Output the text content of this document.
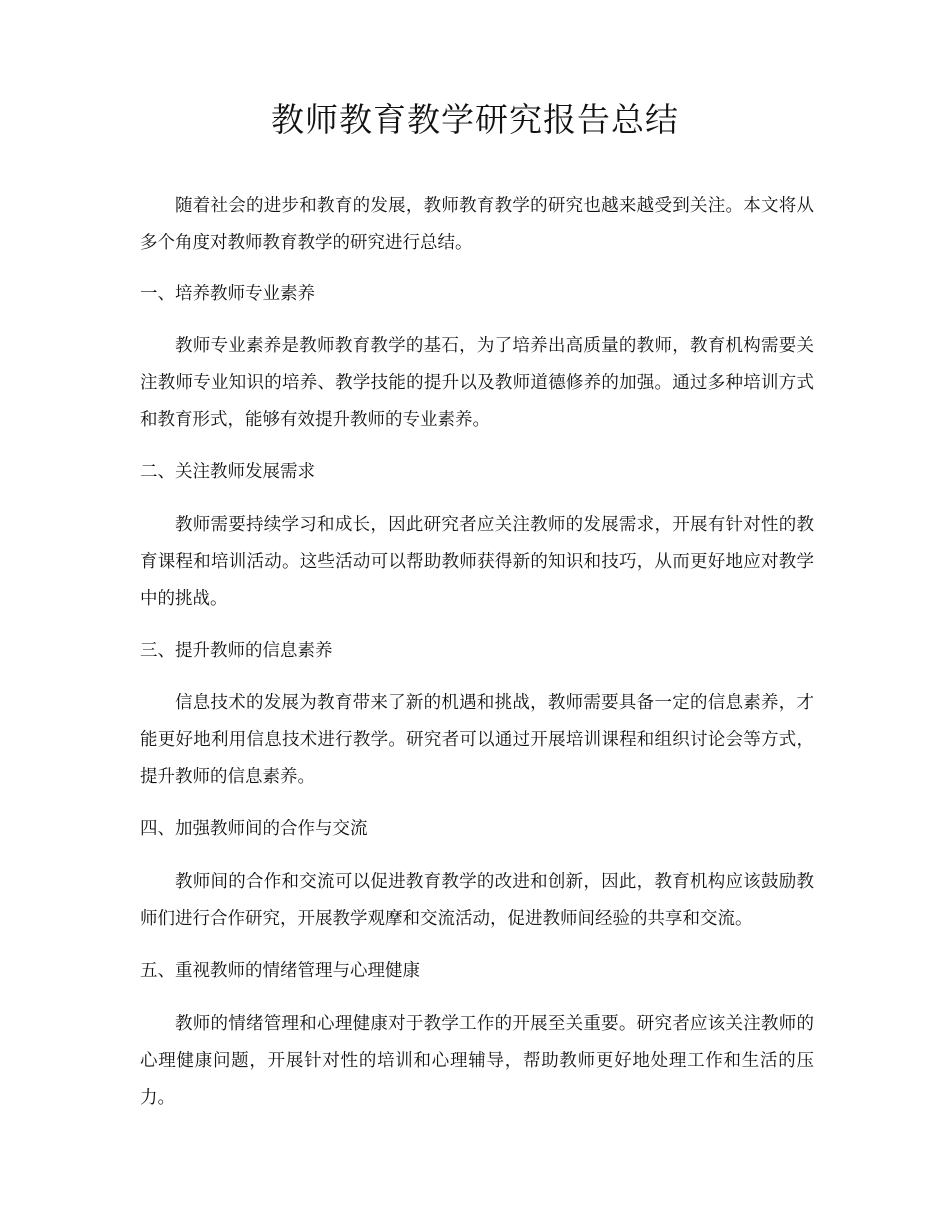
教师教育教学研究报告总结

随着社会的进步和教育的发展，教师教育教学的研究也越来越受到关注。本文将从多个角度对教师教育教学的研究进行总结。

一、培养教师专业素养

教师专业素养是教师教育教学的基石，为了培养出高质量的教师，教育机构需要关注教师专业知识的培养、教学技能的提升以及教师道德修养的加强。通过多种培训方式和教育形式，能够有效提升教师的专业素养。

二、关注教师发展需求

教师需要持续学习和成长，因此研究者应关注教师的发展需求，开展有针对性的教育课程和培训活动。这些活动可以帮助教师获得新的知识和技巧，从而更好地应对教学中的挑战。

三、提升教师的信息素养

信息技术的发展为教育带来了新的机遇和挑战，教师需要具备一定的信息素养，才能更好地利用信息技术进行教学。研究者可以通过开展培训课程和组织讨论会等方式，提升教师的信息素养。

四、加强教师间的合作与交流

教师间的合作和交流可以促进教育教学的改进和创新，因此，教育机构应该鼓励教师们进行合作研究，开展教学观摩和交流活动，促进教师间经验的共享和交流。

五、重视教师的情绪管理与心理健康

教师的情绪管理和心理健康对于教学工作的开展至关重要。研究者应该关注教师的心理健康问题，开展针对性的培训和心理辅导，帮助教师更好地处理工作和生活的压力。
